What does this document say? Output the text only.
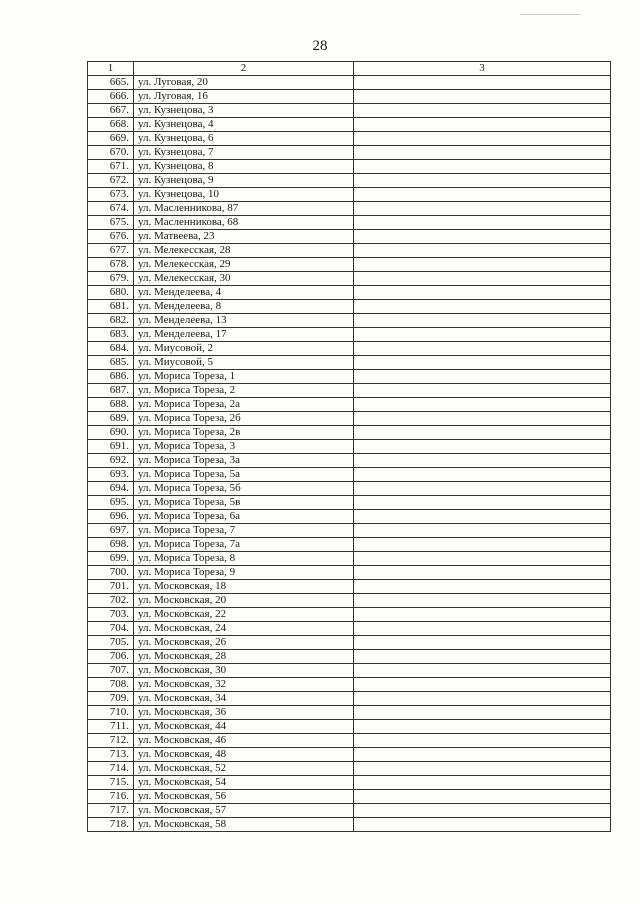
28
1	2	3
665.	ул. Луговая, 20	
666.	ул. Луговая, 16	
667.	ул. Кузнецова, 3	
668.	ул. Кузнецова, 4	
669.	ул. Кузнецова, 6	
670.	ул. Кузнецова, 7	
671.	ул. Кузнецова, 8	
672.	ул. Кузнецова, 9	
673.	ул. Кузнецова, 10	
674.	ул. Масленникова, 87	
675.	ул. Масленникова, 68	
676.	ул. Матвеева, 23	
677.	ул. Мелекесская, 28	
678.	ул. Мелекесская, 29	
679.	ул. Мелекесская, 30	
680.	ул. Менделеева, 4	
681.	ул. Менделеева, 8	
682.	ул. Менделеева, 13	
683.	ул. Менделеева, 17	
684.	ул. Миусовой, 2	
685.	ул. Миусовой, 5	
686.	ул. Мориса Тореза, 1	
687.	ул. Мориса Тореза, 2	
688.	ул. Мориса Тореза, 2а	
689.	ул. Мориса Тореза, 2б	
690.	ул. Мориса Тореза, 2в	
691.	ул. Мориса Тореза, 3	
692.	ул. Мориса Тореза, 3а	
693.	ул. Мориса Тореза, 5а	
694.	ул. Мориса Тореза, 5б	
695.	ул. Мориса Тореза, 5в	
696.	ул. Мориса Тореза, 6а	
697.	ул. Мориса Тореза, 7	
698.	ул. Мориса Тореза, 7а	
699.	ул. Мориса Тореза, 8	
700.	ул. Мориса Тореза, 9	
701.	ул. Московская, 18	
702.	ул. Московская, 20	
703.	ул. Московская, 22	
704.	ул. Московская, 24	
705.	ул. Московская, 26	
706.	ул. Московская, 28	
707.	ул. Московская, 30	
708.	ул. Московская, 32	
709.	ул. Московская, 34	
710.	ул. Московская, 36	
711.	ул. Московская, 44	
712.	ул. Московская, 46	
713.	ул. Московская, 48	
714.	ул. Московская, 52	
715.	ул. Московская, 54	
716.	ул. Московская, 56	
717.	ул. Московская, 57	
718.	ул. Московская, 58	
